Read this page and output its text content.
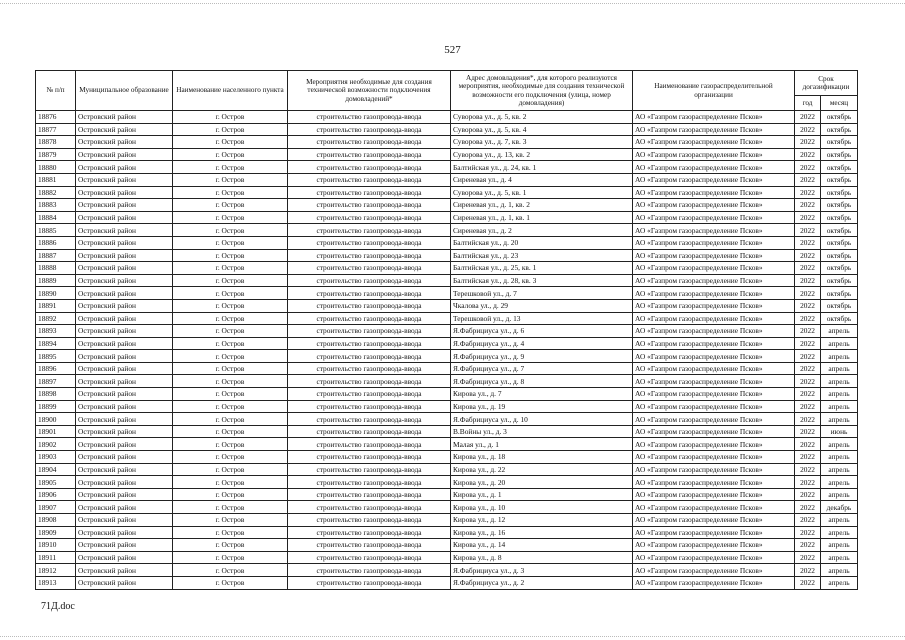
527
№ п/п	Муниципальное образование	Наименование населенного пункта	Мероприятия необходимые для создания технической возможности подключения домовладений*	Адрес домовладения*, для которого реализуются мероприятия, необходимые для создания технической возможности его подключения (улица, номер домовладения)	Наименование газораспределительной организации	Срок догазификации	
						год	месяц
18876	Островский район	г. Остров	строительство газопровода-ввода	Суворова ул., д. 5, кв. 2	АО «Газпром газораспределение Псков»	2022	октябрь
18877	Островский район	г. Остров	строительство газопровода-ввода	Суворова ул., д. 5, кв. 4	АО «Газпром газораспределение Псков»	2022	октябрь
18878	Островский район	г. Остров	строительство газопровода-ввода	Суворова ул., д. 7, кв. 3	АО «Газпром газораспределение Псков»	2022	октябрь
18879	Островский район	г. Остров	строительство газопровода-ввода	Суворова ул., д. 13, кв. 2	АО «Газпром газораспределение Псков»	2022	октябрь
18880	Островский район	г. Остров	строительство газопровода-ввода	Балтийская ул., д. 24, кв. 1	АО «Газпром газораспределение Псков»	2022	октябрь
18881	Островский район	г. Остров	строительство газопровода-ввода	Сиреневая ул., д. 4	АО «Газпром газораспределение Псков»	2022	октябрь
18882	Островский район	г. Остров	строительство газопровода-ввода	Суворова ул., д. 5, кв. 1	АО «Газпром газораспределение Псков»	2022	октябрь
18883	Островский район	г. Остров	строительство газопровода-ввода	Сиреневая ул., д. 1, кв. 2	АО «Газпром газораспределение Псков»	2022	октябрь
18884	Островский район	г. Остров	строительство газопровода-ввода	Сиреневая ул., д. 1, кв. 1	АО «Газпром газораспределение Псков»	2022	октябрь
18885	Островский район	г. Остров	строительство газопровода-ввода	Сиреневая ул., д. 2	АО «Газпром газораспределение Псков»	2022	октябрь
18886	Островский район	г. Остров	строительство газопровода-ввода	Балтийская ул., д. 20	АО «Газпром газораспределение Псков»	2022	октябрь
18887	Островский район	г. Остров	строительство газопровода-ввода	Балтийская ул., д. 23	АО «Газпром газораспределение Псков»	2022	октябрь
18888	Островский район	г. Остров	строительство газопровода-ввода	Балтийская ул., д. 25, кв. 1	АО «Газпром газораспределение Псков»	2022	октябрь
18889	Островский район	г. Остров	строительство газопровода-ввода	Балтийская ул., д. 28, кв. 3	АО «Газпром газораспределение Псков»	2022	октябрь
18890	Островский район	г. Остров	строительство газопровода-ввода	Терешковой ул., д. 7	АО «Газпром газораспределение Псков»	2022	октябрь
18891	Островский район	г. Остров	строительство газопровода-ввода	Чкалова ул., д. 29	АО «Газпром газораспределение Псков»	2022	октябрь
18892	Островский район	г. Остров	строительство газопровода-ввода	Терешковой ул., д. 13	АО «Газпром газораспределение Псков»	2022	октябрь
18893	Островский район	г. Остров	строительство газопровода-ввода	Я.Фабрициуса ул., д. 6	АО «Газпром газораспределение Псков»	2022	апрель
18894	Островский район	г. Остров	строительство газопровода-ввода	Я.Фабрициуса ул., д. 4	АО «Газпром газораспределение Псков»	2022	апрель
18895	Островский район	г. Остров	строительство газопровода-ввода	Я.Фабрициуса ул., д. 9	АО «Газпром газораспределение Псков»	2022	апрель
18896	Островский район	г. Остров	строительство газопровода-ввода	Я.Фабрициуса ул., д. 7	АО «Газпром газораспределение Псков»	2022	апрель
18897	Островский район	г. Остров	строительство газопровода-ввода	Я.Фабрициуса ул., д. 8	АО «Газпром газораспределение Псков»	2022	апрель
18898	Островский район	г. Остров	строительство газопровода-ввода	Кирова ул., д. 7	АО «Газпром газораспределение Псков»	2022	апрель
18899	Островский район	г. Остров	строительство газопровода-ввода	Кирова ул., д. 19	АО «Газпром газораспределение Псков»	2022	апрель
18900	Островский район	г. Остров	строительство газопровода-ввода	Я.Фабрициуса ул., д. 10	АО «Газпром газораспределение Псков»	2022	апрель
18901	Островский район	г. Остров	строительство газопровода-ввода	В.Войны ул., д. 3	АО «Газпром газораспределение Псков»	2022	июнь
18902	Островский район	г. Остров	строительство газопровода-ввода	Малая ул., д. 1	АО «Газпром газораспределение Псков»	2022	апрель
18903	Островский район	г. Остров	строительство газопровода-ввода	Кирова ул., д. 18	АО «Газпром газораспределение Псков»	2022	апрель
18904	Островский район	г. Остров	строительство газопровода-ввода	Кирова ул., д. 22	АО «Газпром газораспределение Псков»	2022	апрель
18905	Островский район	г. Остров	строительство газопровода-ввода	Кирова ул., д. 20	АО «Газпром газораспределение Псков»	2022	апрель
18906	Островский район	г. Остров	строительство газопровода-ввода	Кирова ул., д. 1	АО «Газпром газораспределение Псков»	2022	апрель
18907	Островский район	г. Остров	строительство газопровода-ввода	Кирова ул., д. 10	АО «Газпром газораспределение Псков»	2022	декабрь
18908	Островский район	г. Остров	строительство газопровода-ввода	Кирова ул., д. 12	АО «Газпром газораспределение Псков»	2022	апрель
18909	Островский район	г. Остров	строительство газопровода-ввода	Кирова ул., д. 16	АО «Газпром газораспределение Псков»	2022	апрель
18910	Островский район	г. Остров	строительство газопровода-ввода	Кирова ул., д. 14	АО «Газпром газораспределение Псков»	2022	апрель
18911	Островский район	г. Остров	строительство газопровода-ввода	Кирова ул., д. 8	АО «Газпром газораспределение Псков»	2022	апрель
18912	Островский район	г. Остров	строительство газопровода-ввода	Я.Фабрициуса ул., д. 3	АО «Газпром газораспределение Псков»	2022	апрель
18913	Островский район	г. Остров	строительство газопровода-ввода	Я.Фабрициуса ул., д. 2	АО «Газпром газораспределение Псков»	2022	апрель
71Д.doc
